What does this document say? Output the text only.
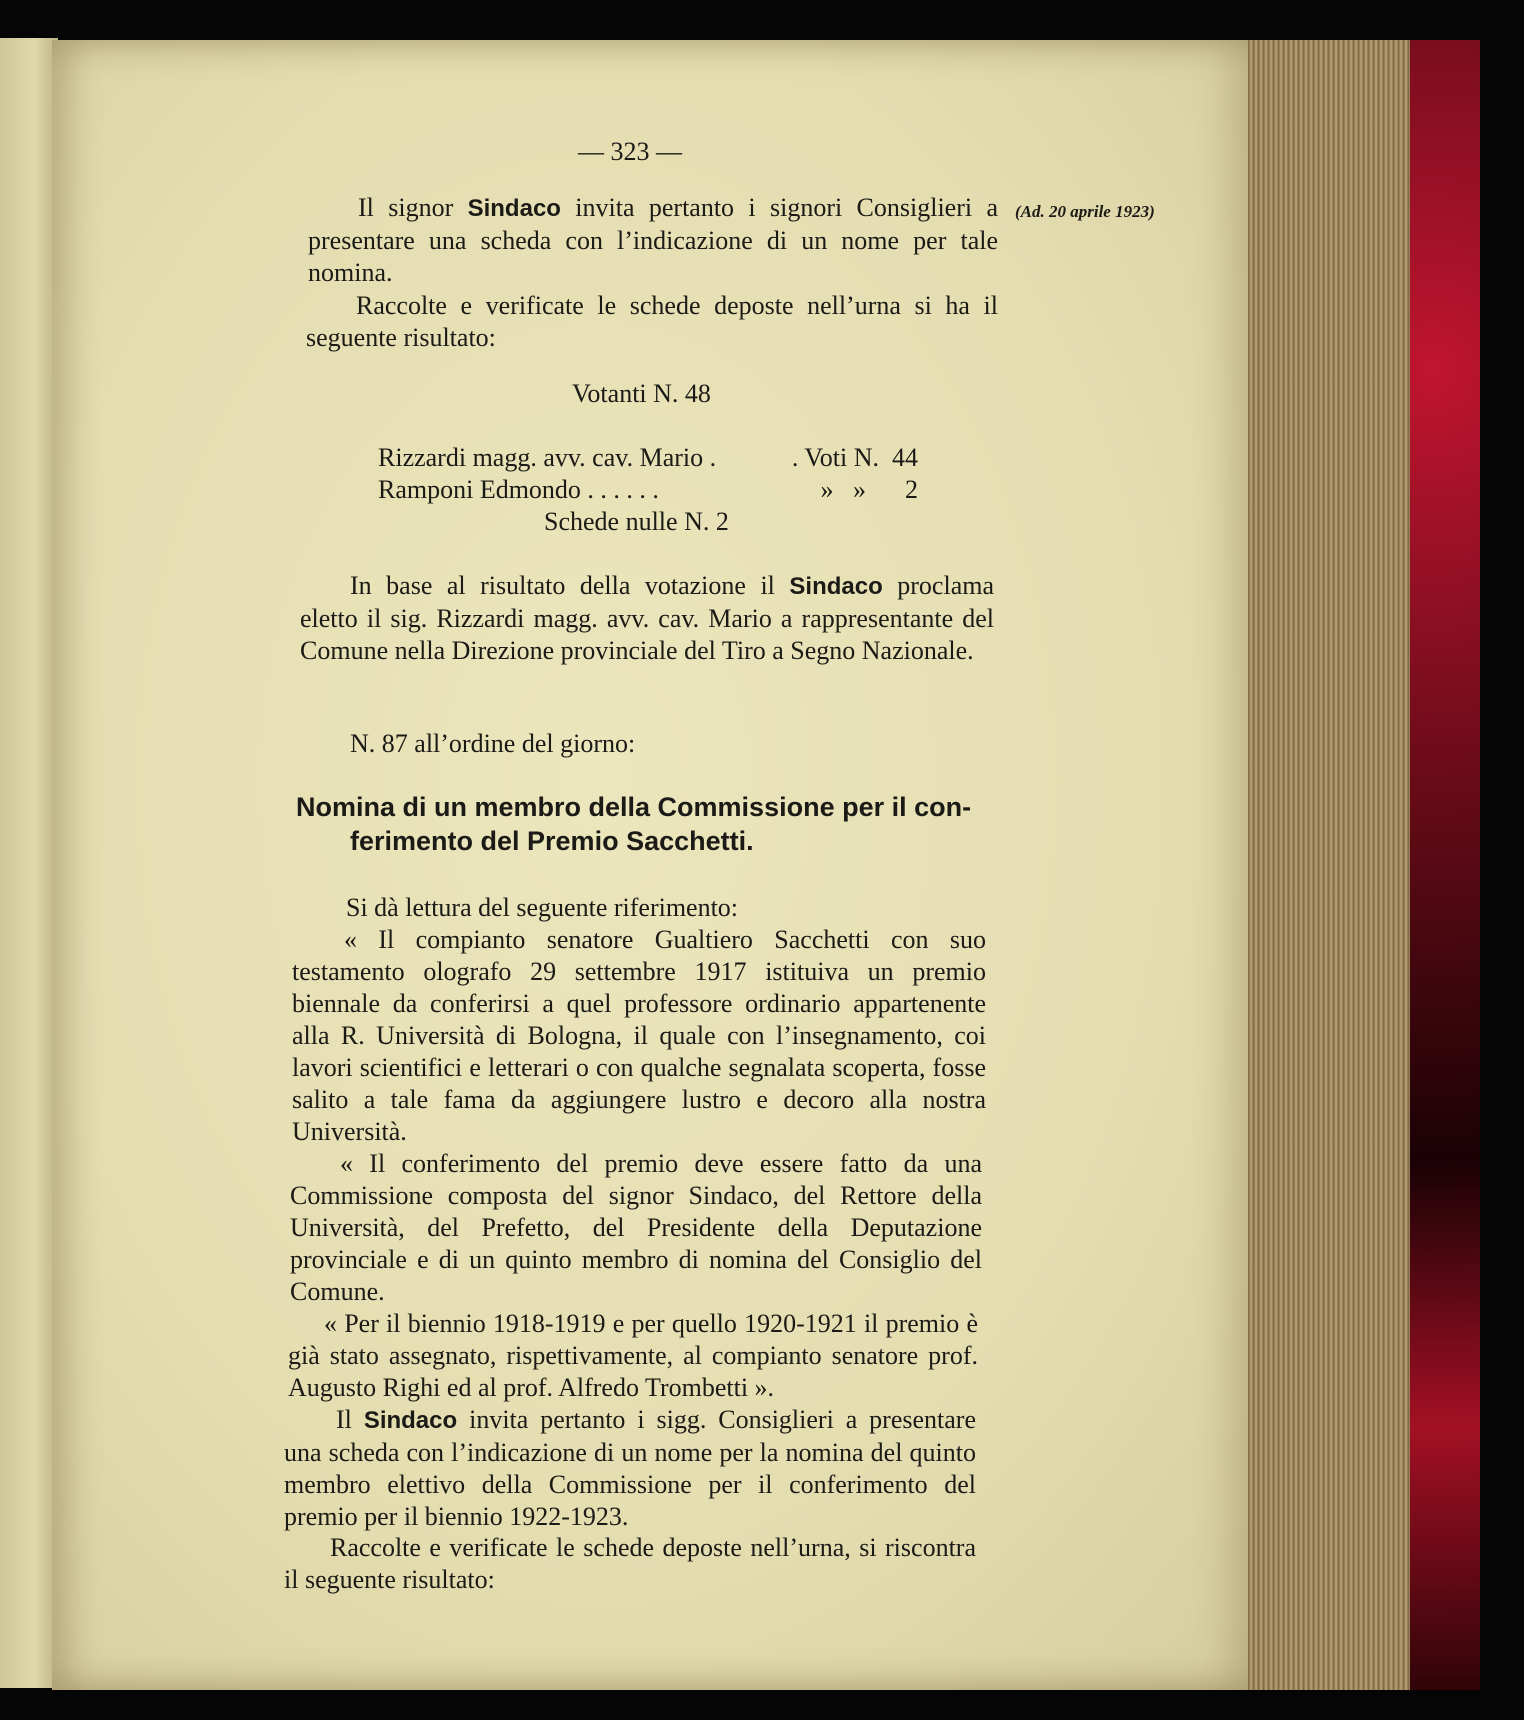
— 323 —
(Ad. 20 aprile 1923)
Il signor Sindaco invita pertanto i signori Consiglieri a presentare una scheda con l’indicazione di un nome per tale nomina.
Raccolte e verificate le schede deposte nell’urna si ha il seguente risultato:
Votanti N. 48
Rizzardi magg. avv. cav. Mario .	. Voti N. 44
Ramponi Edmondo . . . . . .	»   » 2
Schede nulle N. 2
In base al risultato della votazione il Sindaco proclama eletto il sig. Rizzardi magg. avv. cav. Mario a rappresentante del Comune nella Direzione provinciale del Tiro a Segno Nazionale.
N. 87 all’ordine del giorno:
Nomina di un membro della Commissione per il con-
ferimento del Premio Sacchetti.
Si dà lettura del seguente riferimento:
« Il compianto senatore Gualtiero Sacchetti con suo testamento olografo 29 settembre 1917 istituiva un premio biennale da conferirsi a quel professore ordinario appartenente alla R. Università di Bologna, il quale con l’insegnamento, coi lavori scientifici e letterari o con qualche segnalata scoperta, fosse salito a tale fama da aggiungere lustro e decoro alla nostra Università.
« Il conferimento del premio deve essere fatto da una Commissione composta del signor Sindaco, del Rettore della Università, del Prefetto, del Presidente della Deputazione provinciale e di un quinto membro di nomina del Consiglio del Comune.
« Per il biennio 1918-1919 e per quello 1920-1921 il premio è già stato assegnato, rispettivamente, al compianto senatore prof. Augusto Righi ed al prof. Alfredo Trombetti ».
Il Sindaco invita pertanto i sigg. Consiglieri a presentare una scheda con l’indicazione di un nome per la nomina del quinto membro elettivo della Commissione per il conferimento del premio per il biennio 1922-1923.
Raccolte e verificate le schede deposte nell’urna, si riscontra il seguente risultato:
